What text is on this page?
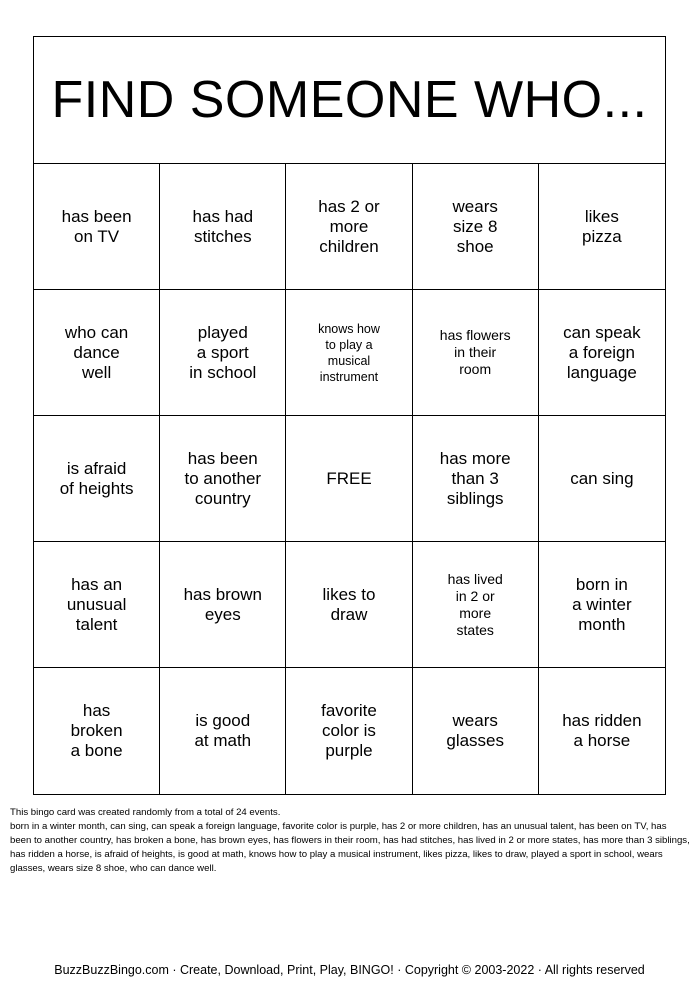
FIND SOMEONE WHO...
has been
on TV
has had
stitches
has 2 or
more
children
wears
size 8
shoe
likes
pizza
who can
dance
well
played
a sport
in school
knows how
to play a
musical
instrument
has flowers
in their
room
can speak
a foreign
language
is afraid
of heights
has been
to another
country
FREE
has more
than 3
siblings
can sing
has an
unusual
talent
has brown
eyes
likes to
draw
has lived
in 2 or
more
states
born in
a winter
month
has
broken
a bone
is good
at math
favorite
color is
purple
wears
glasses
has ridden
a horse

This bingo card was created randomly from a total of 24 events.

born in a winter month, can sing, can speak a foreign language, favorite color is purple, has 2 or more children, has an unusual talent, has been on TV, has been to another country, has broken a bone, has brown eyes, has flowers in their room, has had stitches, has lived in 2 or more states, has more than 3 siblings, has ridden a horse, is afraid of heights, is good at math, knows how to play a musical instrument, likes pizza, likes to draw, played a sport in school, wears glasses, wears size 8 shoe, who can dance well.

BuzzBuzzBingo.com · Create, Download, Print, Play, BINGO! · Copyright © 2003-2022 · All rights reserved
